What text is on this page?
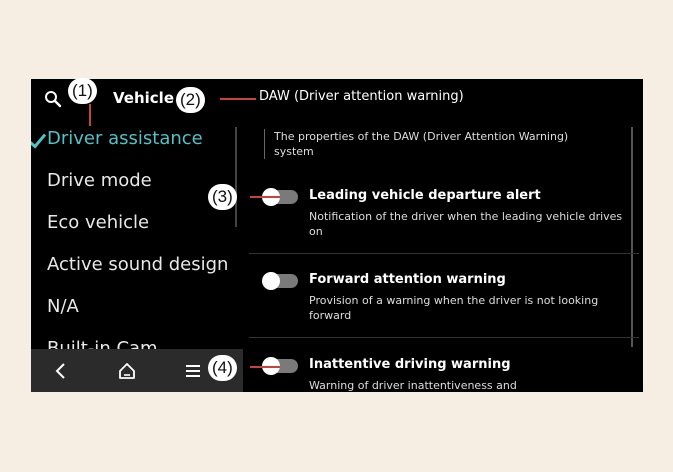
Vehicle
Driver assistance
Drive mode
Eco vehicle
Active sound design
N/A
DAW (Driver attention warning)
The properties of the DAW (Driver Attention Warning) system
Leading vehicle departure alert
Notification of the driver when the leading vehicle drives on
Forward attention warning
Provision of a warning when the driver is not looking forward
Inattentive driving warning
Warning of driver inattentiveness and
(1)	(2)
(3)
(4)
